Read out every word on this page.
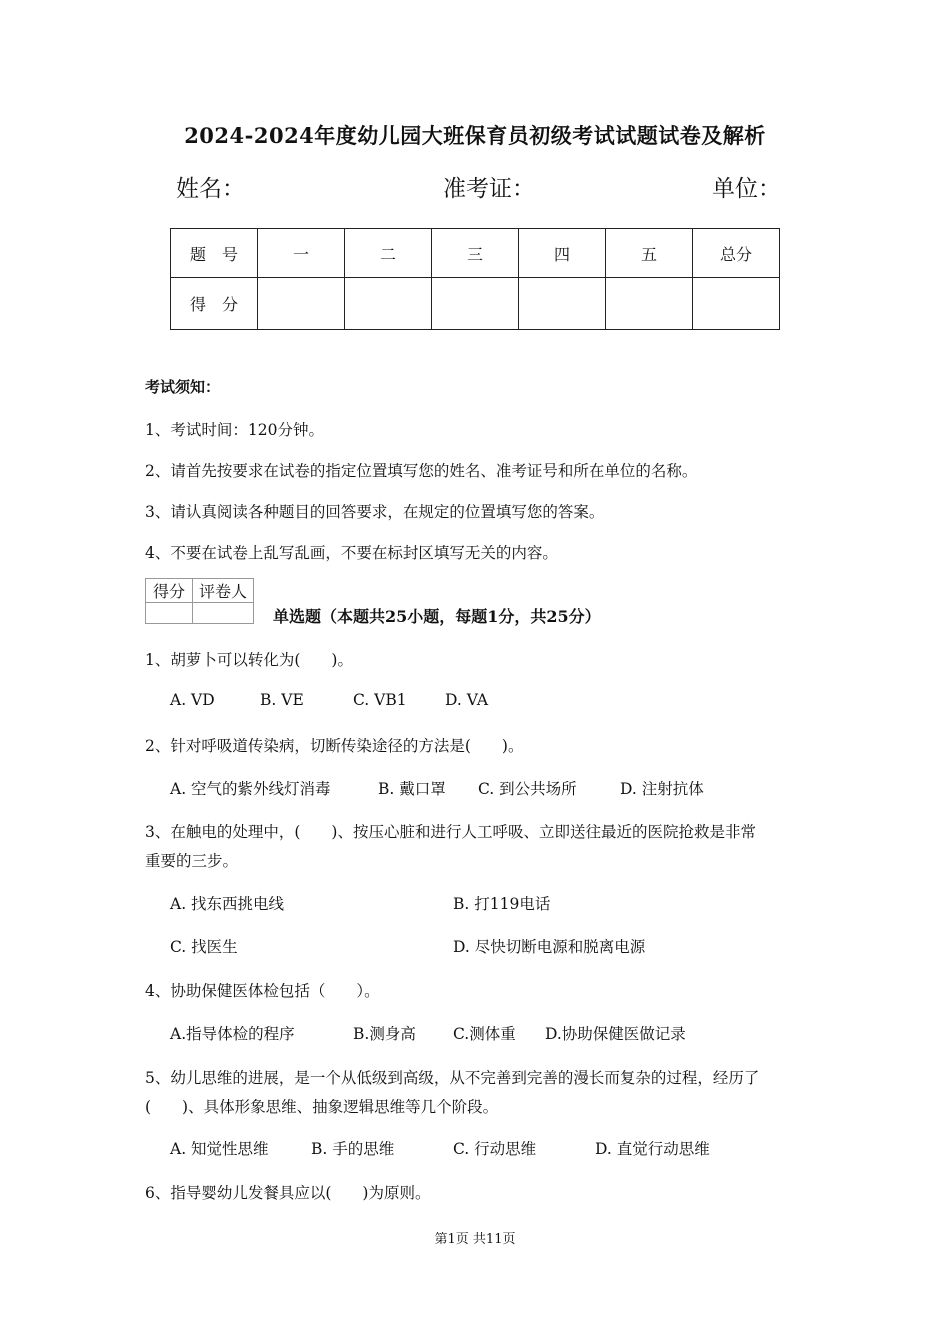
2024-2024年度幼儿园大班保育员初级考试试题试卷及解析
姓名：	准考证：	单位：
题　号	一	二	三	四	五	总分
得　分						
考试须知：
1、考试时间：120分钟。
2、请首先按要求在试卷的指定位置填写您的姓名、准考证号和所在单位的名称。
3、请认真阅读各种题目的回答要求，在规定的位置填写您的答案。
4、不要在试卷上乱写乱画，不要在标封区填写无关的内容。
得分	评卷人

单选题（本题共25小题，每题1分，共25分）
1、胡萝卜可以转化为(　　)。
A. VD	B. VE	C. VB1 D. VA
2、针对呼吸道传染病，切断传染途径的方法是(　　)。
A. 空气的紫外线灯消毒	B. 戴口罩 C. 到公共场所	D. 注射抗体
3、在触电的处理中，(　　)、按压心脏和进行人工呼吸、立即送往最近的医院抢救是非常
重要的三步。
A. 找东西挑电线	B. 打119电话
C. 找医生	D. 尽快切断电源和脱离电源
4、协助保健医体检包括（　　）。
A.指导体检的程序	B.测身高 C.测体重 D.协助保健医做记录
5、幼儿思维的进展，是一个从低级到高级，从不完善到完善的漫长而复杂的过程，经历了
(　　)、具体形象思维、抽象逻辑思维等几个阶段。
A. 知觉性思维	B. 手的思维	C. 行动思维	D. 直觉行动思维
6、指导婴幼儿发餐具应以(　　)为原则。
第1页 共11页
